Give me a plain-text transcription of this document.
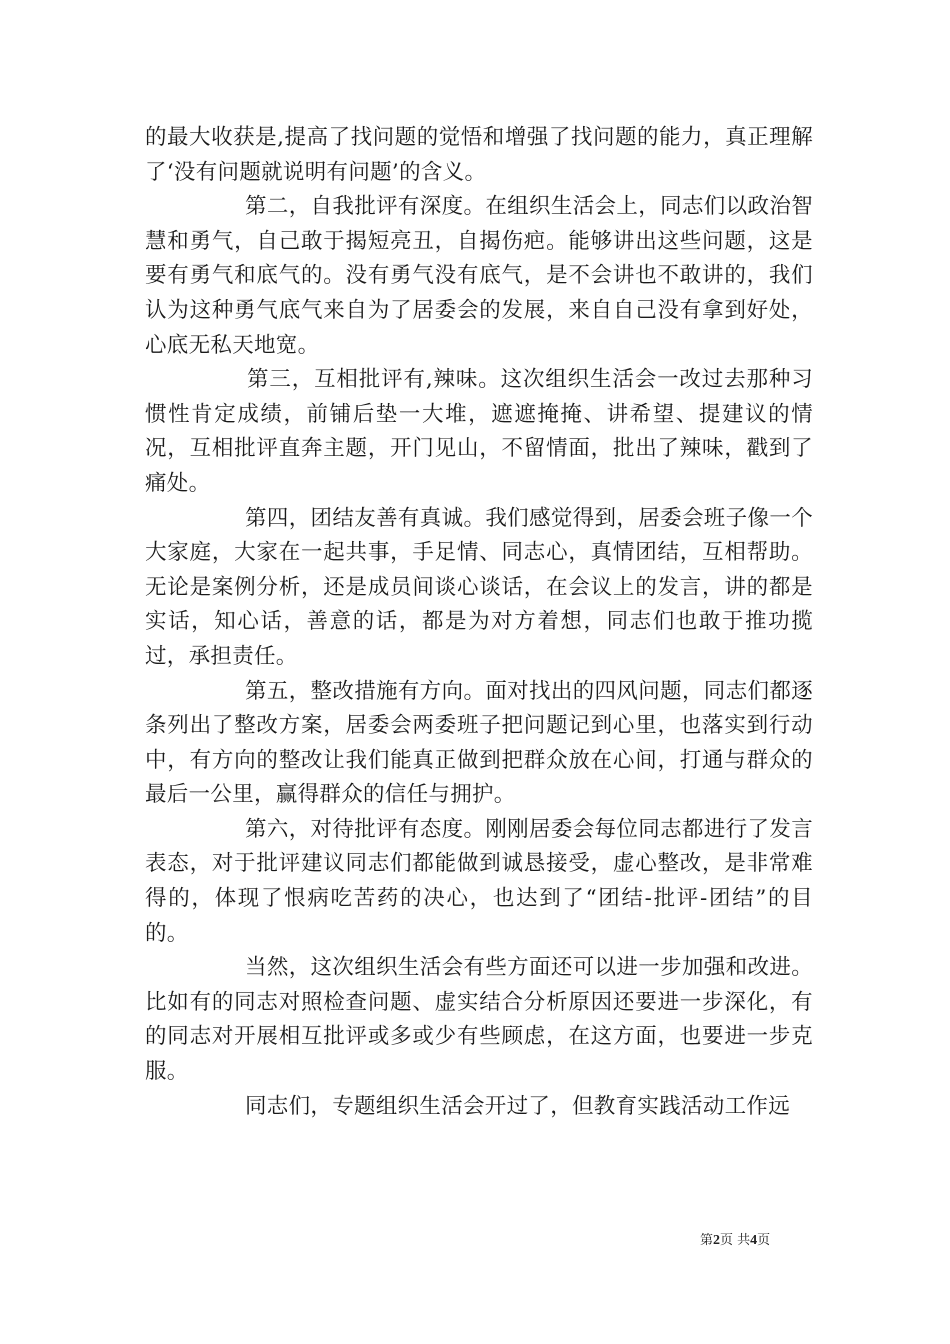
的最大收获是,提高了找问题的觉悟和增强了找问题的能力，真正理解了‘没有问题就说明有问题’的含义。

第二，自我批评有深度。在组织生活会上，同志们以政治智慧和勇气，自己敢于揭短亮丑，自揭伤疤。能够讲出这些问题，这是要有勇气和底气的。没有勇气没有底气，是不会讲也不敢讲的，我们认为这种勇气底气来自为了居委会的发展，来自自己没有拿到好处，心底无私天地宽。

第三，互相批评有,辣味。这次组织生活会一改过去那种习惯性肯定成绩，前铺后垫一大堆，遮遮掩掩、讲希望、提建议的情况，互相批评直奔主题，开门见山，不留情面，批出了辣味，戳到了痛处。

第四，团结友善有真诚。我们感觉得到，居委会班子像一个大家庭，大家在一起共事，手足情、同志心，真情团结，互相帮助。无论是案例分析，还是成员间谈心谈话，在会议上的发言，讲的都是实话，知心话，善意的话，都是为对方着想，同志们也敢于推功揽过，承担责任。

第五，整改措施有方向。面对找出的四风问题，同志们都逐条列出了整改方案，居委会两委班子把问题记到心里，也落实到行动中，有方向的整改让我们能真正做到把群众放在心间，打通与群众的最后一公里，赢得群众的信任与拥护。

第六，对待批评有态度。刚刚居委会每位同志都进行了发言表态，对于批评建议同志们都能做到诚恳接受，虚心整改，是非常难得的，体现了恨病吃苦药的决心，也达到了“团结-批评-团结”的目的。

当然，这次组织生活会有些方面还可以进一步加强和改进。比如有的同志对照检查问题、虚实结合分析原因还要进一步深化，有的同志对开展相互批评或多或少有些顾虑，在这方面，也要进一步克服。

同志们，专题组织生活会开过了，但教育实践活动工作远

第2页 共4页
